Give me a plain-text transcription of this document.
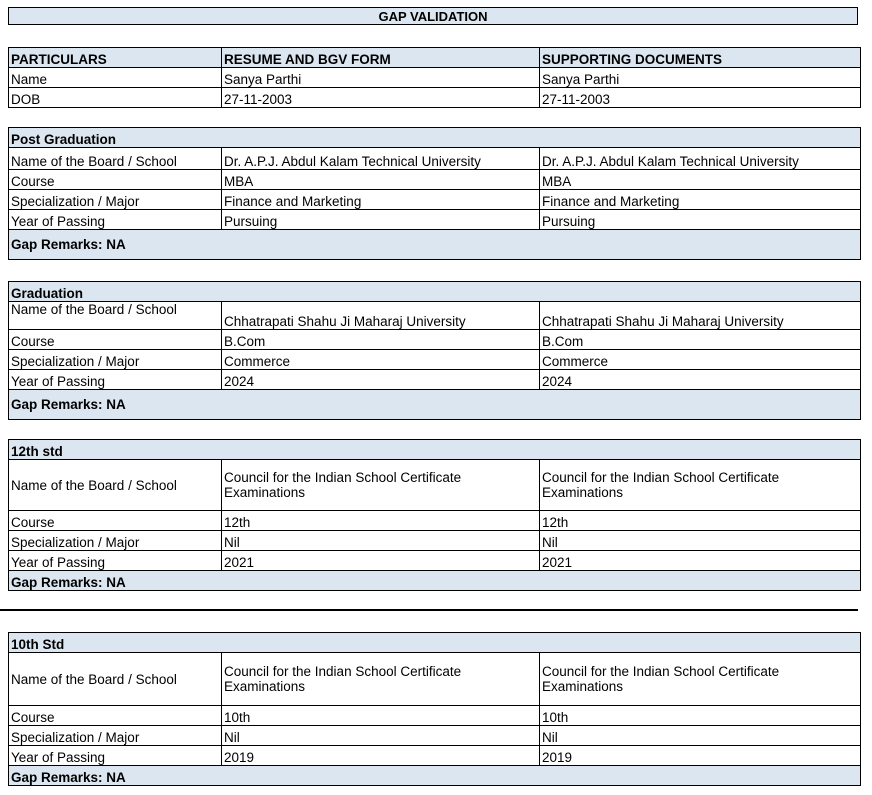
GAP VALIDATION
PARTICULARS	RESUME AND BGV FORM	SUPPORTING DOCUMENTS
Name	Sanya Parthi	Sanya Parthi
DOB	27-11-2003	27-11-2003
Post Graduation		
Name of the Board / School	Dr. A.P.J. Abdul Kalam Technical University	Dr. A.P.J. Abdul Kalam Technical University
Course	MBA	MBA
Specialization / Major	Finance and Marketing	Finance and Marketing
Year of Passing	Pursuing	Pursuing
Gap Remarks: NA		
Graduation		
Name of the Board / School	Chhatrapati Shahu Ji Maharaj University	Chhatrapati Shahu Ji Maharaj University
Course	B.Com	B.Com
Specialization / Major	Commerce	Commerce
Year of Passing	2024	2024
Gap Remarks: NA		
12th std		
Name of the Board / School	Council for the Indian School Certificate Examinations	Council for the Indian School Certificate Examinations
Course	12th	12th
Specialization / Major	Nil	Nil
Year of Passing	2021	2021
Gap Remarks: NA		
10th Std		
Name of the Board / School	Council for the Indian School Certificate Examinations	Council for the Indian School Certificate Examinations
Course	10th	10th
Specialization / Major	Nil	Nil
Year of Passing	2019	2019
Gap Remarks: NA		
